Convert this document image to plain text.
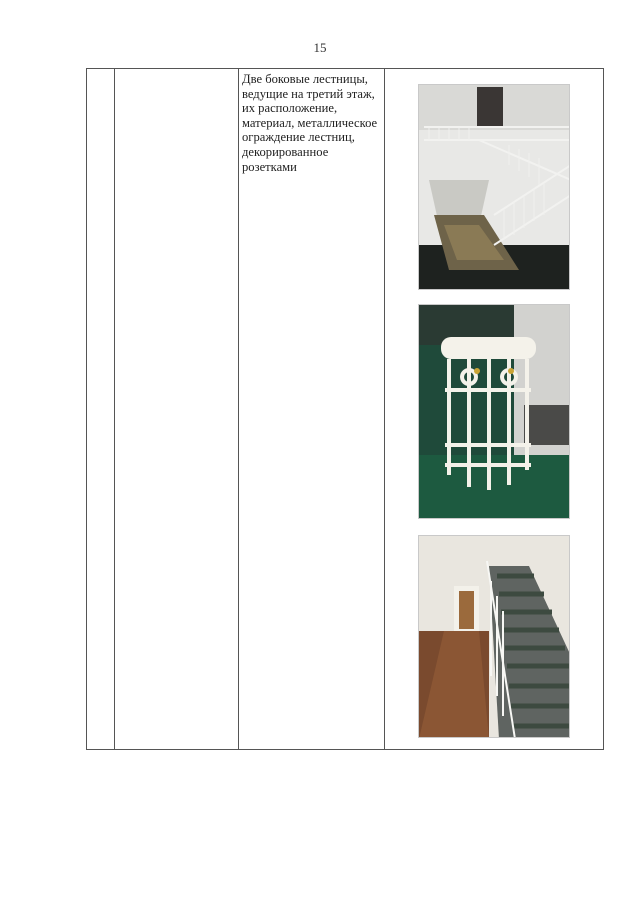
15
Две боковые лестницы, ведущие на третий этаж, их расположение, материал, металлическое ограждение лестниц, декорированное розетками
